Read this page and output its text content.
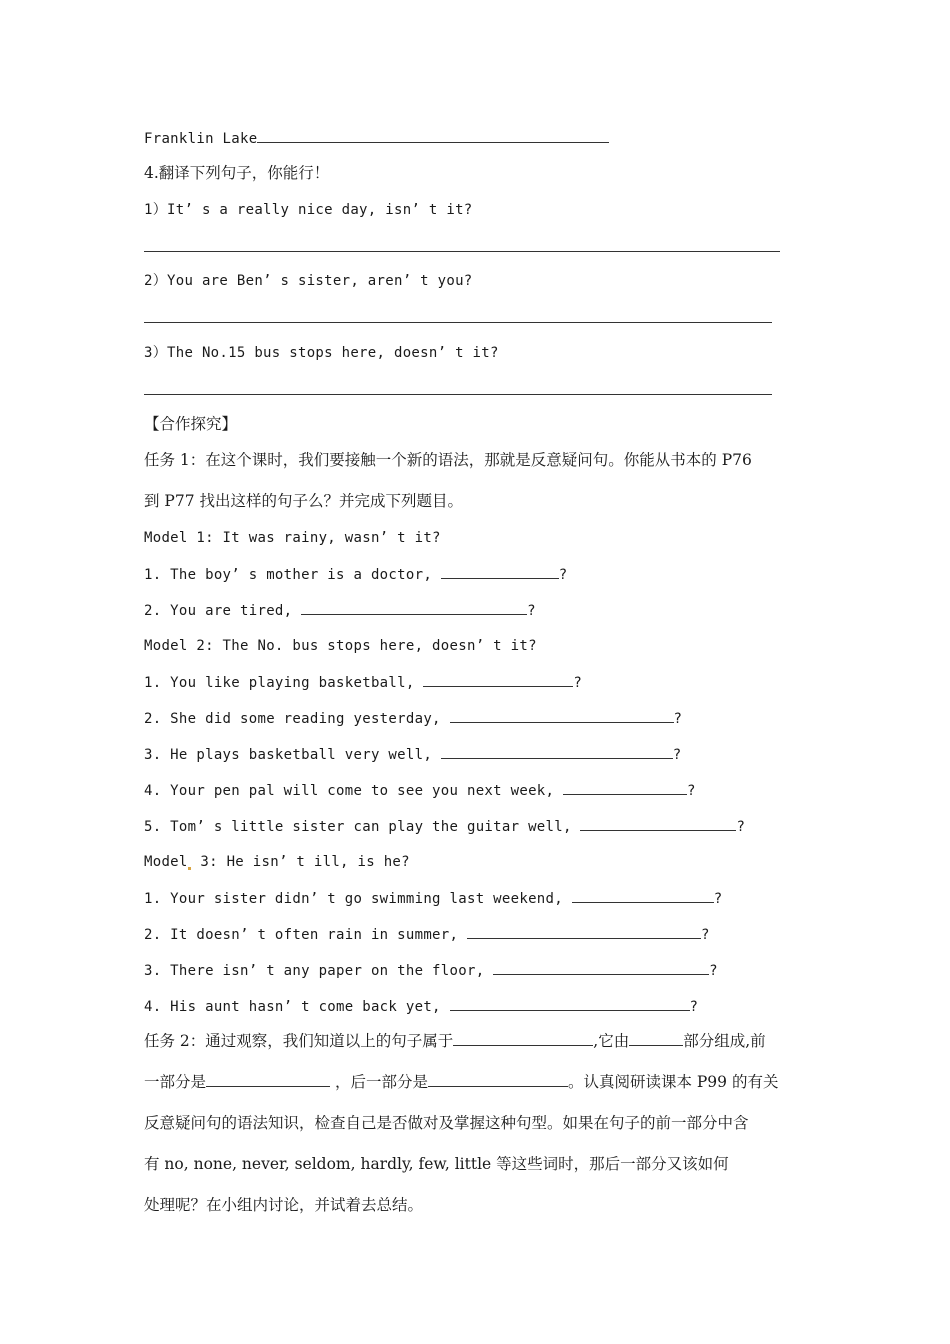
Franklin Lake
4.翻译下列句子，你能行！
1）It’ s a really nice day, isn’ t it?
2）You are Ben’ s sister, aren’ t you?
3）The No.15 bus stops here, doesn’ t it?
【合作探究】
任务 1：在这个课时，我们要接触一个新的语法，那就是反意疑问句。你能从书本的 P76
到 P77 找出这样的句子么？并完成下列题目。
Model 1: It was rainy, wasn’ t it?
1. The boy’ s mother is a doctor,	?
2. You are tired,	?
Model 2: The No. bus stops here, doesn’ t it?
1. You like playing basketball,	?
2. She did some reading yesterday,	?
3. He plays basketball very well,	?
4. Your pen pal will come to see you next week,	?
5. Tom’ s little sister can play the guitar well,	?
Model 3: He isn’ t ill, is he?
1. Your sister didn’ t go swimming last weekend,	?
2. It doesn’ t often rain in summer,	?
3. There isn’ t any paper on the floor,	?
4. His aunt hasn’ t come back yet,	?
任务 2：通过观察，我们知道以上的句子属于	,它由	部分组成,前
一部分是	，后一部分是	。认真阅研读课本 P99 的有关
反意疑问句的语法知识，检查自己是否做对及掌握这种句型。如果在句子的前一部分中含
有 no, none, never, seldom, hardly, few, little 等这些词时，那后一部分又该如何
处理呢？在小组内讨论，并试着去总结。
